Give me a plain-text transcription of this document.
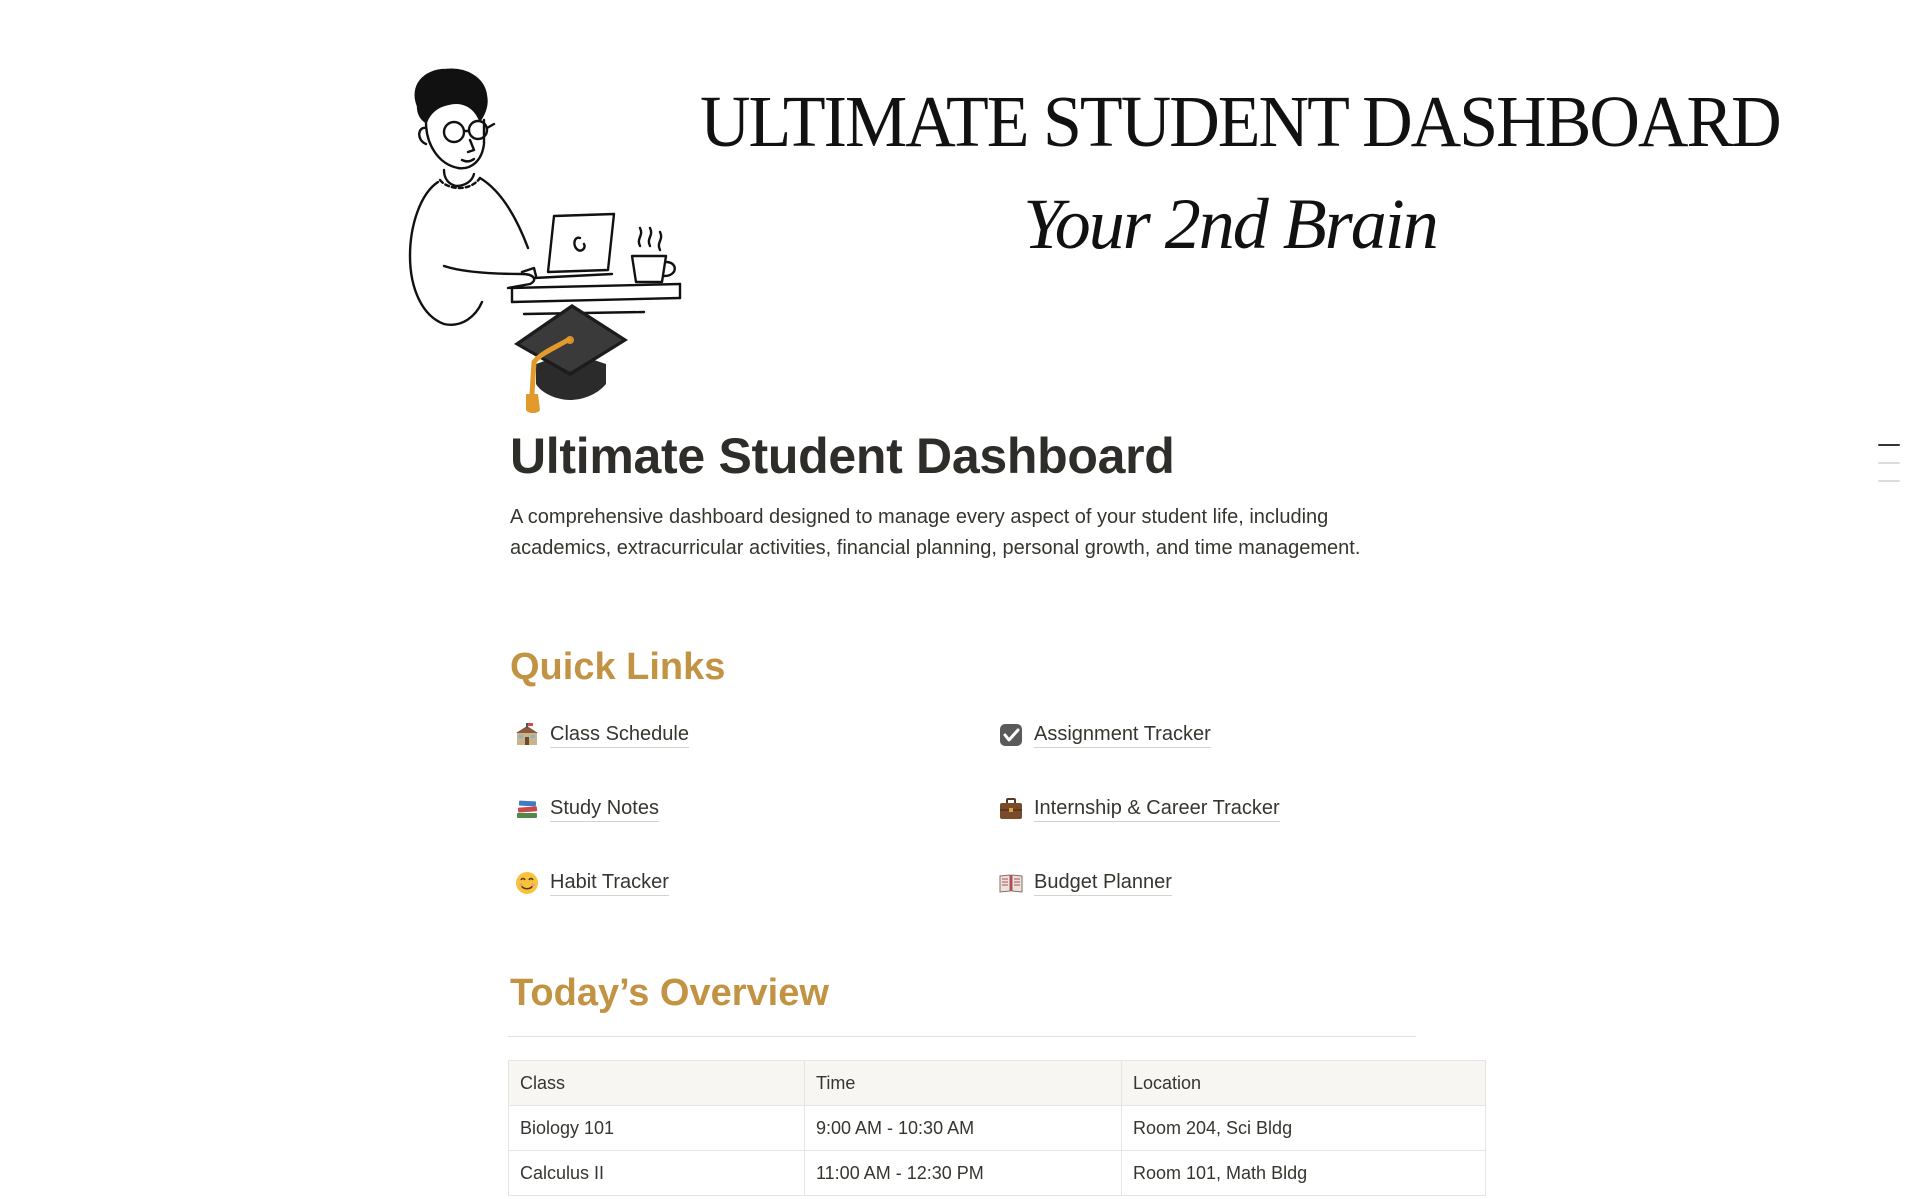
ULTIMATE STUDENT DASHBOARD
Your 2nd Brain
Ultimate Student Dashboard

A comprehensive dashboard designed to manage every aspect of your student life, including academics, extracurricular activities, financial planning, personal growth, and time management.

Quick Links
Class Schedule	Assignment Tracker
Study Notes	Internship & Career Tracker
Habit Tracker	Budget Planner
Today’s Overview
Class	Time	Location
Biology 101	9:00 AM - 10:30 AM	Room 204, Sci Bldg
Calculus II	11:00 AM - 12:30 PM	Room 101, Math Bldg
